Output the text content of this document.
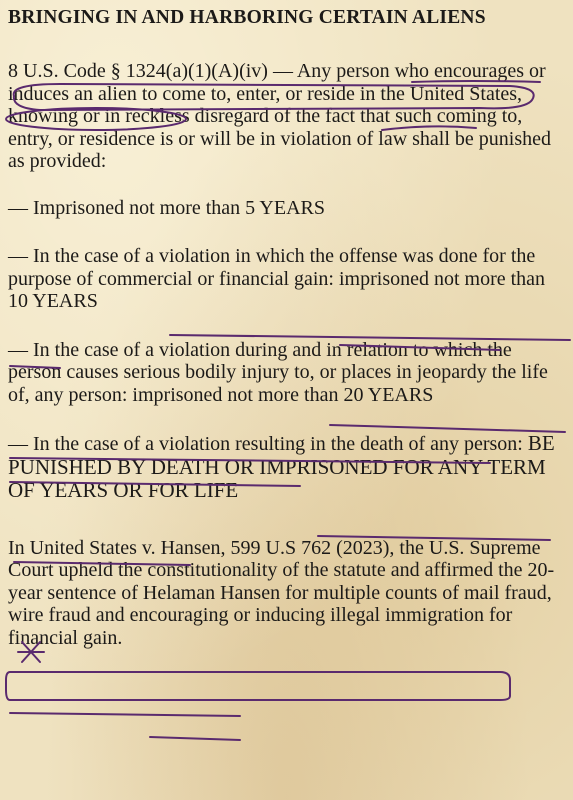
BRINGING IN AND HARBORING CERTAIN ALIENS

8 U.S. Code § 1324(a)(1)(A)(iv) — Any person who encourages or induces an alien to come to, enter, or reside in the United States, knowing or in reckless disregard of the fact that such coming to, entry, or residence is or will be in violation of law shall be punished as provided:

— Imprisoned not more than 5 YEARS

— In the case of a violation in which the offense was done for the purpose of commercial or financial gain: imprisoned not more than 10 YEARS

— In the case of a violation during and in relation to which the person causes serious bodily injury to, or places in jeopardy the life of, any person: imprisoned not more than 20 YEARS

— In the case of a violation resulting in the death of any person: BE PUNISHED BY DEATH OR IMPRISONED FOR ANY TERM OF YEARS OR FOR LIFE

In United States v. Hansen, 599 U.S 762 (2023), the U.S. Supreme Court upheld the constitutionality of the statute and affirmed the 20-year sentence of Helaman Hansen for multiple counts of mail fraud, wire fraud and encouraging or inducing illegal immigration for financial gain.
